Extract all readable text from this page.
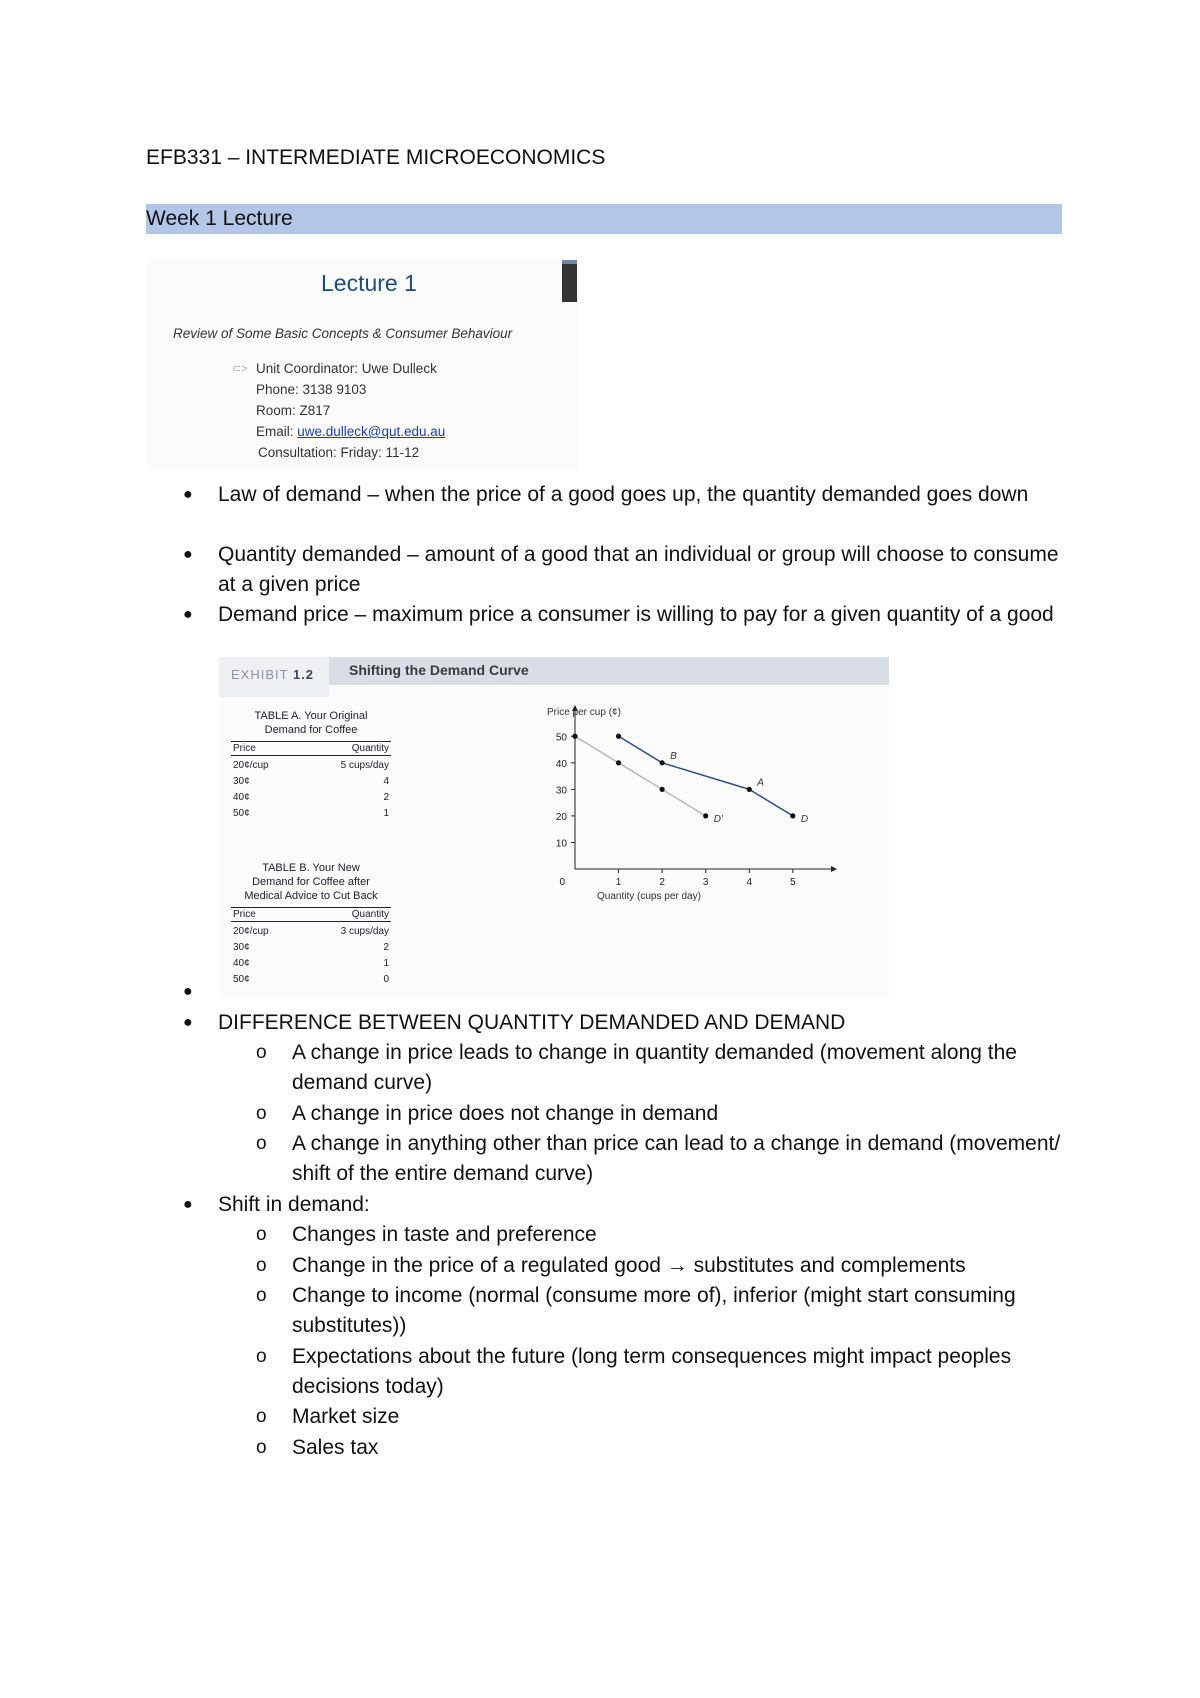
EFB331 – INTERMEDIATE MICROECONOMICS
Week 1 Lecture
Lecture 1
Review of Some Basic Concepts & Consumer Behaviour
⊂> Unit Coordinator: Uwe Dulleck
Phone: 3138 9103
Room: Z817
Email: uwe.dulleck@qut.edu.au
Consultation: Friday: 11-12
● Law of demand – when the price of a good goes up, the quantity demanded goes down
● Quantity demanded – amount of a good that an individual or group will choose to consume at a given price
● Demand price – maximum price a consumer is willing to pay for a given quantity of a good
EXHIBIT 1.2 Shifting the Demand Curve
TABLE A. Your Original
Demand for Coffee
Price	Quantity
20¢/cup	5 cups/day
30¢	4
40¢	2
50¢	1
TABLE B. Your New
Demand for Coffee after
Medical Advice to Cut Back
Price	Quantity
20¢/cup	3 cups/day
30¢	2
40¢	1
50¢	0
1	2	3	4	5
10
20
30
40
50
0
Price per cup (¢)
Quantity (cups per day)
B
A
D
D'
●
● DIFFERENCE BETWEEN QUANTITY DEMANDED AND DEMAND
o A change in price leads to change in quantity demanded (movement along the demand curve)
o A change in price does not change in demand
o A change in anything other than price can lead to a change in demand (movement/ shift of the entire demand curve)
● Shift in demand:
o Changes in taste and preference
o Change in the price of a regulated good → substitutes and complements
o Change to income (normal (consume more of), inferior (might start consuming substitutes))
o Expectations about the future (long term consequences might impact peoples decisions today)
o Market size
o Sales tax
